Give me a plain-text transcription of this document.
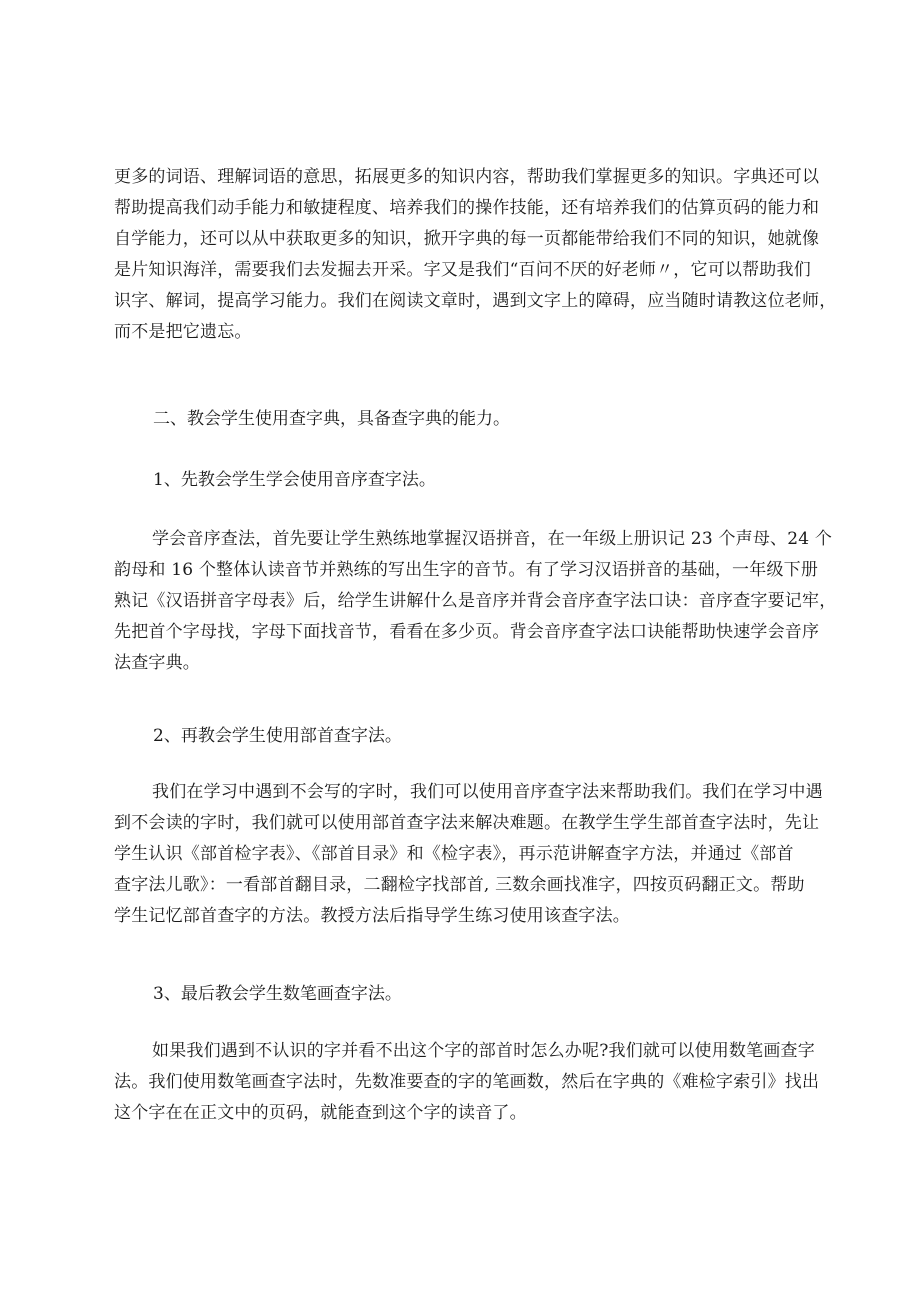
更多的词语、理解词语的意思，拓展更多的知识内容，帮助我们掌握更多的知识。字典还可以
帮助提高我们动手能力和敏捷程度、培养我们的操作技能，还有培养我们的估算页码的能力和
自学能力，还可以从中获取更多的知识，掀开字典的每一页都能带给我们不同的知识，她就像
是片知识海洋，需要我们去发掘去开采。字又是我们“百问不厌的好老师〃，它可以帮助我们
识字、解词，提高学习能力。我们在阅读文章时，遇到文字上的障碍，应当随时请教这位老师，
而不是把它遗忘。
二、教会学生使用查字典，具备查字典的能力。
1、先教会学生学会使用音序查字法。
学会音序查法，首先要让学生熟练地掌握汉语拼音，在一年级上册识记 23 个声母、24 个
韵母和 16 个整体认读音节并熟练的写出生字的音节。有了学习汉语拼音的基础，一年级下册
熟记《汉语拼音字母表》后，给学生讲解什么是音序并背会音序查字法口诀：音序查字要记牢，
先把首个字母找，字母下面找音节，看看在多少页。背会音序查字法口诀能帮助快速学会音序
法查字典。
2、再教会学生使用部首查字法。
我们在学习中遇到不会写的字时，我们可以使用音序查字法来帮助我们。我们在学习中遇
到不会读的字时，我们就可以使用部首查字法来解决难题。在教学生学生部首查字法时，先让
学生认识《部首检字表》、《部首目录》和《检字表》，再示范讲解查字方法，并通过《部首
查字法儿歌》：一看部首翻目录，二翻检字找部首, 三数余画找准字，四按页码翻正文。帮助
学生记忆部首查字的方法。教授方法后指导学生练习使用该查字法。
3、最后教会学生数笔画查字法。
如果我们遇到不认识的字并看不出这个字的部首时怎么办呢?我们就可以使用数笔画查字
法。我们使用数笔画查字法时，先数准要查的字的笔画数，然后在字典的《难检字索引》找出
这个字在在正文中的页码，就能查到这个字的读音了。
